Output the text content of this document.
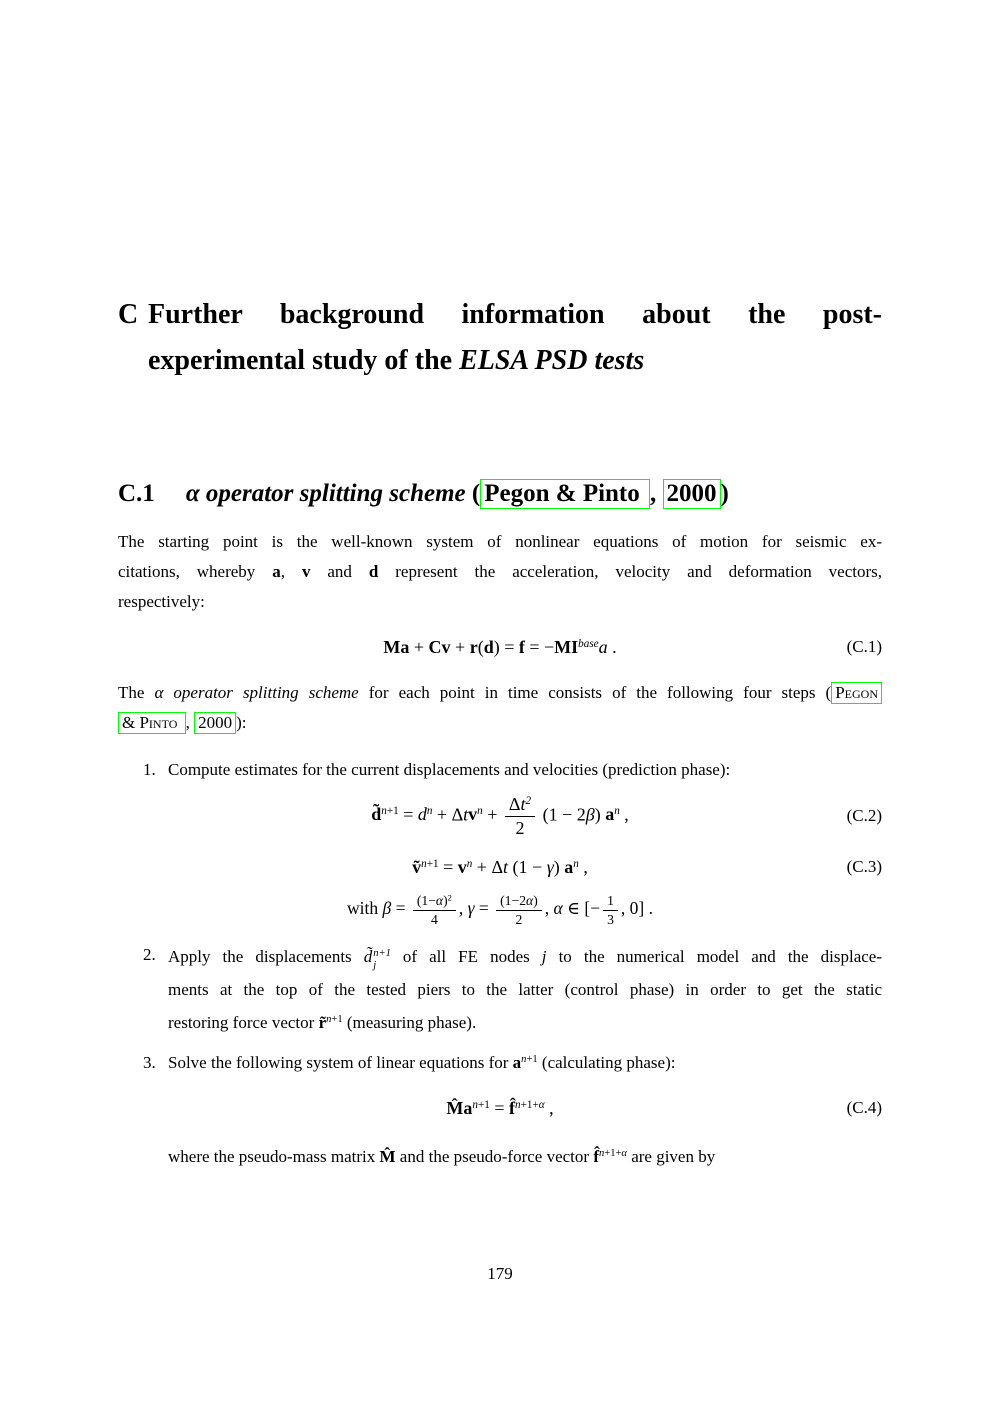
C Further background information about the post-
experimental study of the ELSA PSD tests
C.1 α operator splitting scheme ( Pegon & Pinto , 2000 )
The starting point is the well-known system of nonlinear equations of motion for seismic ex-
citations, whereby a, v and d represent the acceleration, velocity and deformation vectors,
respectively:
$Ma + Cv + r(d) = f = -MI^{base}a$ .	(C.1)
The α operator splitting scheme for each point in time consists of the following four steps ( Pegon
& Pinto , 2000 ):
1. Compute estimates for the current displacements and velocities (prediction phase):
d̃$^{n+1}$ = $d^n + \Delta tv^n + \frac{\Delta t^2}{2} (1 - 2\beta)$ $a^n$ ,	(C.2)
ṽ$^{n+1}$ = $v^n + \Delta t$ (1 − γ) $a^n$ ,	(C.3)
with $\beta = \frac{(1-\alpha)^2}{4}$ , $\gamma = \frac{(1-2\alpha)}{2}$ , α ∈ [− $\frac{1}{3}$ , 0] .
2. Apply the displacements d̃ n+1
j of all FE nodes j to the numerical model and the displace-
ments at the top of the tested piers to the latter (control phase) in order to get the static
restoring force vector r̃$^{n+1}$ (measuring phase).
3. Solve the following system of linear equations for $a^{n+1}$ (calculating phase):
$M̂a^{n+1}$ = f̂$^{n+1+\alpha}$ ,	(C.4)
where the pseudo-mass matrix M̂ and the pseudo-force vector f̂$^{n+1+\alpha}$ are given by
179
